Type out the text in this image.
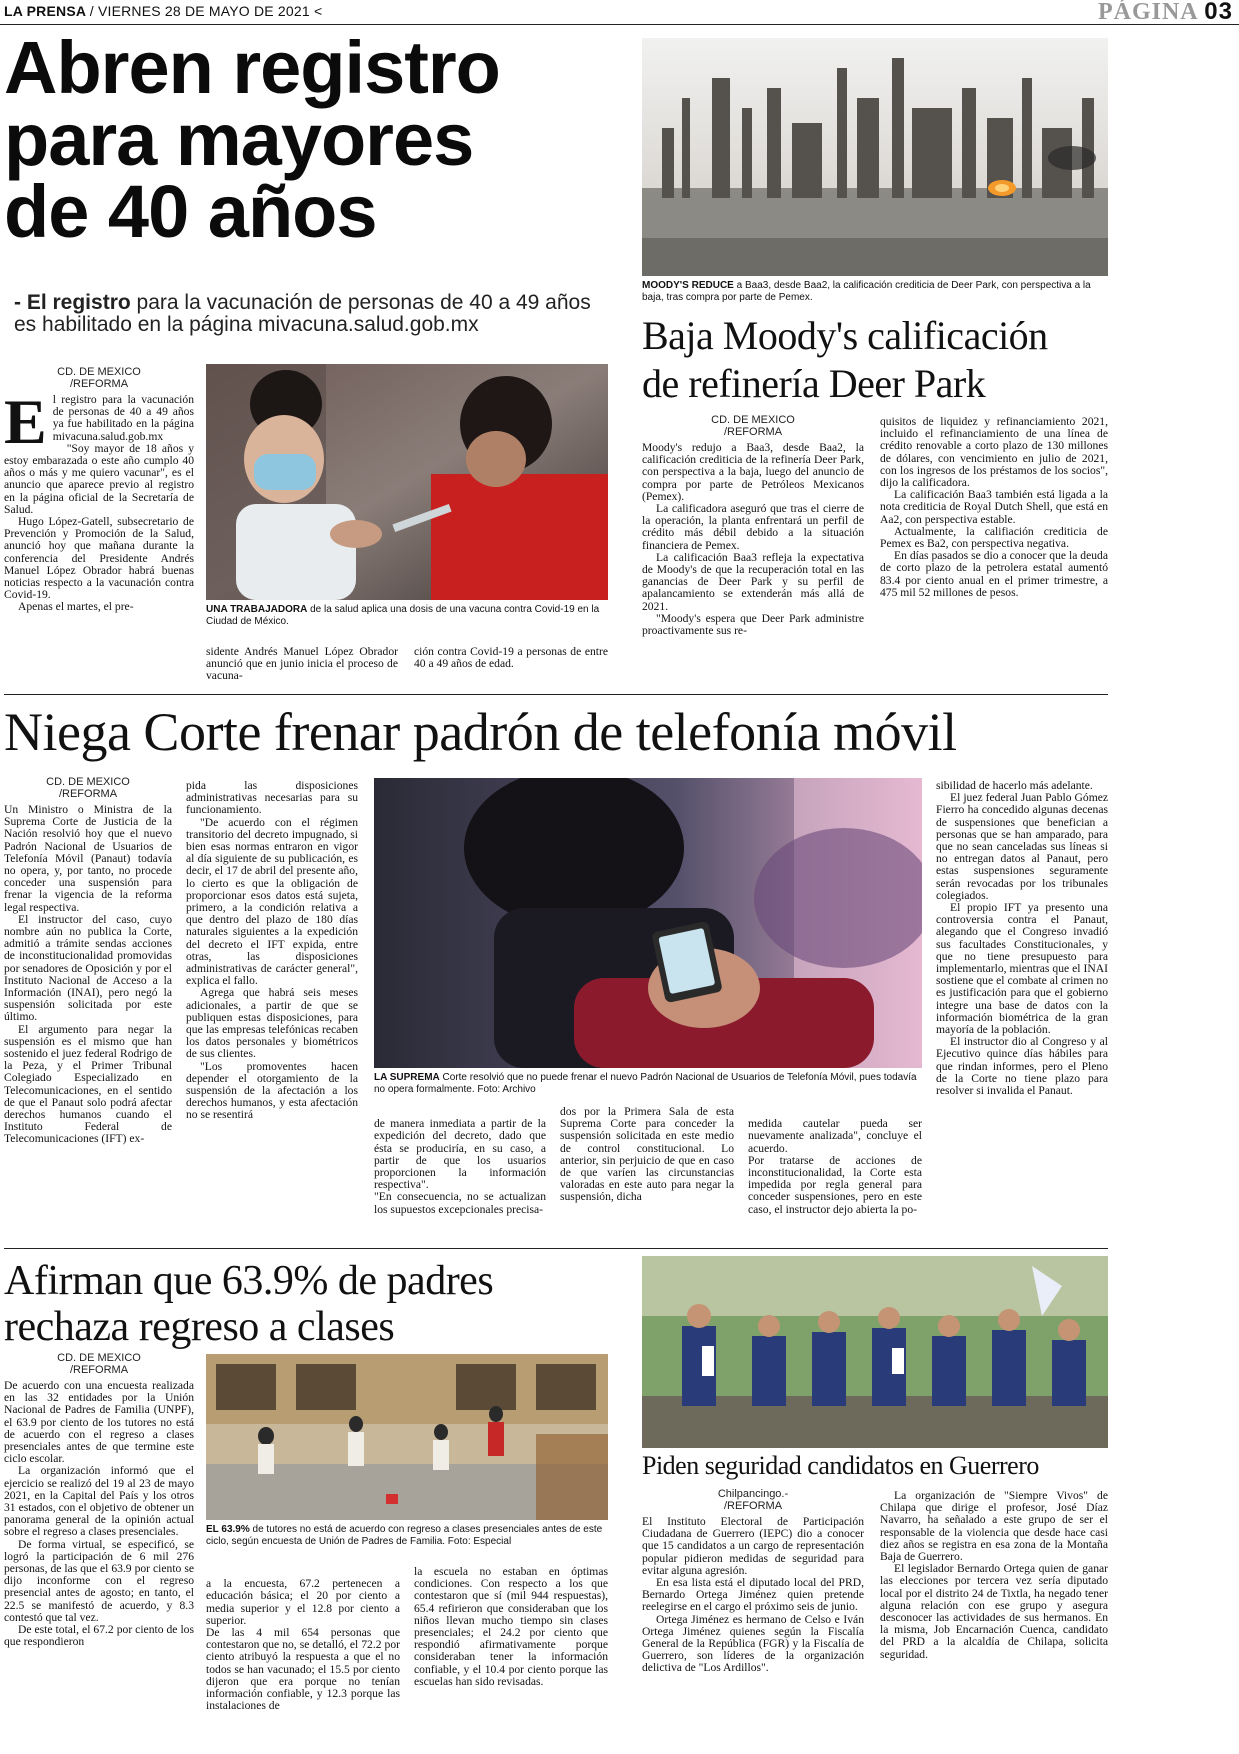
LA PRENSA / VIERNES 28 DE MAYO DE 2021 <	PÁGINA 03
Abren registro
para mayores
de 40 años
- El registro para la vacunación de personas de 40 a 49 años es habilitado en la página mivacuna.salud.gob.mx
CD. DE MEXICO
/REFORMA
E l registro para la vacunación de personas de 40 a 49 años ya fue habilitado en la página mivacuna.salud.gob.mx

"Soy mayor de 18 años y estoy embarazada o este año cumplo 40 años o más y me quiero vacunar", es el anuncio que aparece previo al registro en la página oficial de la Secretaría de Salud.

Hugo López-Gatell, subsecretario de Prevención y Promoción de la Salud, anunció hoy que mañana durante la conferencia del Presidente Andrés Manuel López Obrador habrá buenas noticias respecto a la vacunación contra Covid-19.

Apenas el martes, el pre-	UNA TRABAJADORA de la salud aplica una dosis de una vacuna contra Covid-19 en la Ciudad de México.

sidente Andrés Manuel López Obrador anunció que en junio inicia el proceso de vacuna-

ción contra Covid-19 a personas de entre 40 a 49 años de edad.

MOODY'S REDUCE a Baa3, desde Baa2, la calificación crediticia de Deer Park, con perspectiva a la baja, tras compra por parte de Pemex.
Baja Moody's calificación
de refinería Deer Park
CD. DE MEXICO
/REFORMA

Moody's redujo a Baa3, desde Baa2, la calificación crediticia de la refinería Deer Park, con perspectiva a la baja, luego del anuncio de compra por parte de Petróleos Mexicanos (Pemex).

La calificadora aseguró que tras el cierre de la operación, la planta enfrentará un perfil de crédito más débil debido a la situación financiera de Pemex.

La calificación Baa3 refleja la expectativa de Moody's de que la recuperación total en las ganancias de Deer Park y su perfil de apalancamiento se extenderán más allá de 2021.

"Moody's espera que Deer Park administre proactivamente sus re-

quisitos de liquidez y refinanciamiento 2021, incluido el refinanciamiento de una línea de crédito renovable a corto plazo de 130 millones de dólares, con vencimiento en julio de 2021, con los ingresos de los préstamos de los socios", dijo la calificadora.

La calificación Baa3 también está ligada a la nota crediticia de Royal Dutch Shell, que está en Aa2, con perspectiva estable.

Actualmente, la califiación crediticia de Pemex es Ba2, con perspectiva negativa.

En días pasados se dio a conocer que la deuda de corto plazo de la petrolera estatal aumentó 83.4 por ciento anual en el primer trimestre, a 475 mil 52 millones de pesos.

Niega Corte frenar padrón de telefonía móvil
CD. DE MEXICO
/REFORMA

Un Ministro o Ministra de la Suprema Corte de Justicia de la Nación resolvió hoy que el nuevo Padrón Nacional de Usuarios de Telefonía Móvil (Panaut) todavía no opera, y, por tanto, no procede conceder una suspensión para frenar la vigencia de la reforma legal respectiva.

El instructor del caso, cuyo nombre aún no publica la Corte, admitió a trámite sendas acciones de inconstitucionalidad promovidas por senadores de Oposición y por el Instituto Nacional de Acceso a la Información (INAI), pero negó la suspensión solicitada por este último.

El argumento para negar la suspensión es el mismo que han sostenido el juez federal Rodrigo de la Peza, y el Primer Tribunal Colegiado Especializado en Telecomunicaciones, en el sentido de que el Panaut solo podrá afectar derechos humanos cuando el Instituto Federal de Telecomunicaciones (IFT) ex-

pida las disposiciones administrativas necesarias para su funcionamiento.

"De acuerdo con el régimen transitorio del decreto impugnado, si bien esas normas entraron en vigor al día siguiente de su publicación, es decir, el 17 de abril del presente año, lo cierto es que la obligación de proporcionar esos datos está sujeta, primero, a la condición relativa a que dentro del plazo de 180 días naturales siguientes a la expedición del decreto el IFT expida, entre otras, las disposiciones administrativas de carácter general", explica el fallo.

Agrega que habrá seis meses adicionales, a partir de que se publiquen estas disposiciones, para que las empresas telefónicas recaben los datos personales y biométricos de sus clientes.

"Los promoventes hacen depender el otorgamiento de la suspensión de la afectación a los derechos humanos, y esta afectación no se resentirá

LA SUPREMA Corte resolvió que no puede frenar el nuevo Padrón Nacional de Usuarios de Telefonía Móvil, pues todavía no opera formalmente. Foto: Archivo

de manera inmediata a partir de la expedición del decreto, dado que ésta se produciría, en su caso, a partir de que los usuarios proporcionen la información respectiva".
"En consecuencia, no se actualizan los supuestos excepcionales precisa-

dos por la Primera Sala de esta Suprema Corte para conceder la suspensión solicitada en este medio de control constitucional. Lo anterior, sin perjuicio de que en caso de que varíen las circunstancias valoradas en este auto para negar la suspensión, dicha

medida cautelar pueda ser nuevamente analizada", concluye el acuerdo.
Por tratarse de acciones de inconstitucionalidad, la Corte esta impedida por regla general para conceder suspensiones, pero en este caso, el instructor dejo abierta la po-

sibilidad de hacerlo más adelante.

El juez federal Juan Pablo Gómez Fierro ha concedido algunas decenas de suspensiones que benefician a personas que se han amparado, para que no sean canceladas sus líneas si no entregan datos al Panaut, pero estas suspensiones seguramente serán revocadas por los tribunales colegiados.

El propio IFT ya presento una controversia contra el Panaut, alegando que el Congreso invadió sus facultades Constitucionales, y que no tiene presupuesto para implementarlo, mientras que el INAI sostiene que el combate al crimen no es justificación para que el gobierno integre una base de datos con la información biométrica de la gran mayoría de la población.

El instructor dio al Congreso y al Ejecutivo quince días hábiles para que rindan informes, pero el Pleno de la Corte no tiene plazo para resolver si invalida el Panaut.

Afirman que 63.9% de padres
rechaza regreso a clases
CD. DE MEXICO
/REFORMA

De acuerdo con una encuesta realizada en las 32 entidades por la Unión Nacional de Padres de Familia (UNPF), el 63.9 por ciento de los tutores no está de acuerdo con el regreso a clases presenciales antes de que termine este ciclo escolar.

La organización informó que el ejercicio se realizó del 19 al 23 de mayo 2021, en la Capital del País y los otros 31 estados, con el objetivo de obtener un panorama general de la opinión actual sobre el regreso a clases presenciales.

De forma virtual, se especificó, se logró la participación de 6 mil 276 personas, de las que el 63.9 por ciento se dijo inconforme con el regreso presencial antes de agosto; en tanto, el 22.5 se manifestó de acuerdo, y 8.3 contestó que tal vez.

De este total, el 67.2 por ciento de los que respondieron

EL 63.9% de tutores no está de acuerdo con regreso a clases presenciales antes de este ciclo, según encuesta de Unión de Padres de Familia. Foto: Especial

a la encuesta, 67.2 pertenecen a educación básica; el 20 por ciento a media superior y el 12.8 por ciento a superior.
De las 4 mil 654 personas que contestaron que no, se detalló, el 72.2 por ciento atribuyó la respuesta a que el no todos se han vacunado; el 15.5 por ciento dijeron que era porque no tenían información confiable, y 12.3 porque las instalaciones de

la escuela no estaban en óptimas condiciones. Con respecto a los que contestaron que sí (mil 944 respuestas), 65.4 refirieron que consideraban que los niños llevan mucho tiempo sin clases presenciales; el 24.2 por ciento que respondió afirmativamente porque consideraban tener la información confiable, y el 10.4 por ciento porque las escuelas han sido revisadas.

Piden seguridad candidatos en Guerrero
Chilpancingo.-
/REFORMA

El Instituto Electoral de Participación Ciudadana de Guerrero (IEPC) dio a conocer que 15 candidatos a un cargo de representación popular pidieron medidas de seguridad para evitar alguna agresión.

En esa lista está el diputado local del PRD, Bernardo Ortega Jiménez quien pretende reelegirse en el cargo el próximo seis de junio.

Ortega Jiménez es hermano de Celso e Iván Ortega Jiménez quienes según la Fiscalía General de la República (FGR) y la Fiscalía de Guerrero, son líderes de la organización delictiva de "Los Ardillos".

La organización de "Siempre Vivos" de Chilapa que dirige el profesor, José Díaz Navarro, ha señalado a este grupo de ser el responsable de la violencia que desde hace casi diez años se registra en esa zona de la Montaña Baja de Guerrero.

El legislador Bernardo Ortega quien de ganar las elecciones por tercera vez sería diputado local por el distrito 24 de Tixtla, ha negado tener alguna relación con ese grupo y asegura desconocer las actividades de sus hermanos. En la misma, Job Encarnación Cuenca, candidato del PRD a la alcaldía de Chilapa, solicita seguridad.
